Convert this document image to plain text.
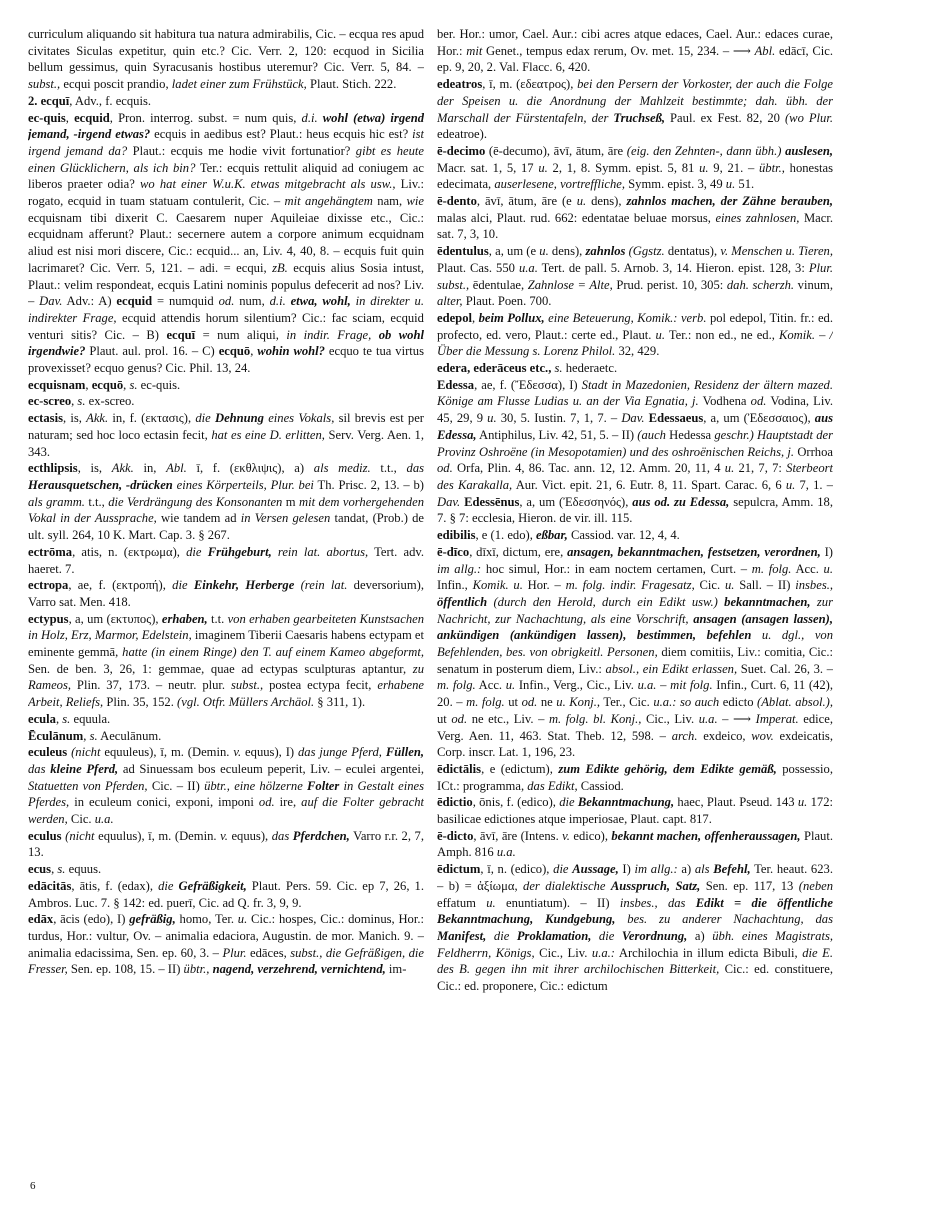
curriculum aliquando sit habitura tua natura admirabilis, Cic. – ecqua res apud civitates Siculas expetitur, quin etc.? Cic. Verr. 2, 120: ecquod in Sicilia bellum gessimus, quin Syracusanis hostibus uteremur? Cic. Verr. 5, 84. – subst., ecqui poscit prandio, ladet einer zum Frühstück, Plaut. Stich. 222.

2. ecquī, Adv., f. ecquis.

ec-quis, ecquid, Pron. interrog. subst. = num quis, d.i. wohl (etwa) irgend jemand, -irgend etwas? ecquis in aedibus est? Plaut.: heus ecquis hic est? ist irgend jemand da? Plaut.: ecquis me hodie vivit fortunatior? gibt es heute einen Glücklichern, als ich bin? Ter.: ecquis rettulit aliquid ad coniugem ac liberos praeter odia? wo hat einer W.u.K. etwas mitgebracht als usw., Liv.: rogato, ecquid in tuam statuam contulerit, Cic. – mit angehängtem nam, wie ecquisnam tibi dixerit C. Caesarem nuper Aquileiae dixisse etc., Cic.: ecquidnam afferunt? Plaut.: secernere autem a corpore animum ecquidnam aliud est nisi mori discere, Cic.: ecquid... an, Liv. 4, 40, 8. – ecquis fuit quin lacrimaret? Cic. Verr. 5, 121. – adi. = ecqui, zB. ecquis alius Sosia intust, Plaut.: velim respondeat, ecquis Latini nominis populus defecerit ad nos? Liv. – Dav. Adv.: A) ecquid = numquid od. num, d.i. etwa, wohl, in direkter u. indirekter Frage, ecquid attendis horum silentium? Cic.: fac sciam, ecquid venturi sitis? Cic. – B) ecquī = num aliqui, in indir. Frage, ob wohl irgendwie? Plaut. aul. prol. 16. – C) ecquō, wohin wohl? ecquo te tua virtus provexisset? ecquo genus? Cic. Phil. 13, 24.

ecquisnam, ecquō, s. ec-quis.

ec-screo, s. ex-screo.

ectasis, is, Akk. in, f. (εκτασις), die Dehnung eines Vokals, sil brevis est per naturam; sed hoc loco ectasin fecit, hat es eine D. erlitten, Serv. Verg. Aen. 1, 343.

ecthlipsis, is, Akk. in, Abl. ī, f. (εκθλιψις), a) als mediz. t.t., das Herausquetschen, -drücken eines Körperteils, Plur. bei Th. Prisc. 2, 13. – b) als gramm. t.t., die Verdrängung des Konsonanten m mit dem vorhergehenden Vokal in der Aussprache, wie tandem ad in Versen gelesen tandat, (Prob.) de ult. syll. 264, 10 K. Mart. Cap. 3. § 267.

ectrōma, atis, n. (εκτρωμα), die Frühgeburt, rein lat. abortus, Tert. adv. haeret. 7.

ectropa, ae, f. (εκτροπή), die Einkehr, Herberge (rein lat. deversorium), Varro sat. Men. 418.

ectypus, a, um (εκτυπος), erhaben, t.t. von erhaben gearbeiteten Kunstsachen in Holz, Erz, Marmor, Edelstein, imaginem Tiberii Caesaris habens ectypam et eminente gemmā, hatte (in einem Ringe) den T. auf einem Kameo abgeformt, Sen. de ben. 3, 26, 1: gemmae, quae ad ectypas sculpturas aptantur, zu Rameos, Plin. 37, 173. – neutr. plur. subst., postea ectypa fecit, erhabene Arbeit, Reliefs, Plin. 35, 152. (vgl. Otfr. Müllers Archäol. § 311, 1).

ecula, s. equula.

Ēculānum, s. Aeculānum.

eculeus (nicht equuleus), ī, m. (Demin. v. equus), I) das junge Pferd, Füllen, das kleine Pferd, ad Sinuessam bos eculeum peperit, Liv. – eculei argentei, Statuetten von Pferden, Cic. – II) übtr., eine hölzerne Folter in Gestalt eines Pferdes, in eculeum conici, exponi, imponi od. ire, auf die Folter gebracht werden, Cic. u.a.

eculus (nicht equulus), ī, m. (Demin. v. equus), das Pferdchen, Varro r.r. 2, 7, 13.

ecus, s. equus.

edācitās, ātis, f. (edax), die Gefräßigkeit, Plaut. Pers. 59. Cic. ep 7, 26, 1. Ambros. Luc. 7. § 142: ed. puerī, Cic. ad Q. fr. 3, 9, 9.

edāx, ācis (edo), I) gefräßig, homo, Ter. u. Cic.: hospes, Cic.: dominus, Hor.: turdus, Hor.: vultur, Ov. – animalia edaciora, Augustin. de mor. Manich. 9. – animalia edacissima, Sen. ep. 60, 3. – Plur. edāces, subst., die Gefräßigen, die Fresser, Sen. ep. 108, 15. – II) übtr., nagend, verzehrend, vernichtend, im-

ber. Hor.: umor, Cael. Aur.: cibi acres atque edaces, Cael. Aur.: edaces curae, Hor.: mit Genet., tempus edax rerum, Ov. met. 15, 234. – ⟶ Abl. edācī, Cic. ep. 9, 20, 2. Val. Flacc. 6, 420.

edeatros, ī, m. (εδεατρος), bei den Persern der Vorkoster, der auch die Folge der Speisen u. die Anordnung der Mahlzeit bestimmte; dah. übh. der Marschall der Fürstentafeln, der Truchseß, Paul. ex Fest. 82, 20 (wo Plur. edeatroe).

ē-decimo (ē-decumo), āvī, ātum, āre (eig. den Zehnten-, dann übh.) auslesen, Macr. sat. 1, 5, 17 u. 2, 1, 8. Symm. epist. 5, 81 u. 9, 21. – übtr., honestas edecimata, auserlesene, vortreffliche, Symm. epist. 3, 49 u. 51.

ē-dento, āvī, ātum, āre (e u. dens), zahnlos machen, der Zähne berauben, malas alci, Plaut. rud. 662: edentatae beluae morsus, eines zahnlosen, Macr. sat. 7, 3, 10.

ēdentulus, a, um (e u. dens), zahnlos (Ggstz. dentatus), v. Menschen u. Tieren, Plaut. Cas. 550 u.a. Tert. de pall. 5. Arnob. 3, 14. Hieron. epist. 128, 3: Plur. subst., ēdentulae, Zahnlose = Alte, Prud. perist. 10, 305: dah. scherzh. vinum, alter, Plaut. Poen. 700.

edepol, beim Pollux, eine Beteuerung, Komik.: verb. pol edepol, Titin. fr.: ed. profecto, ed. vero, Plaut.: certe ed., Plaut. u. Ter.: non ed., ne ed., Komik. – / Über die Messung s. Lorenz Philol. 32, 429.

edera, ederāceus etc., s. hederaetc.

Edessa, ae, f. (Ἔδεσσα), I) Stadt in Mazedonien, Residenz der ältern mazed. Könige am Flusse Ludias u. an der Via Egnatia, j. Vodhena od. Vodina, Liv. 45, 29, 9 u. 30, 5. Iustin. 7, 1, 7. – Dav. Edessaeus, a, um (Ἐδεσσαιος), aus Edessa, Antiphilus, Liv. 42, 51, 5. – II) (auch Hedessa geschr.) Hauptstadt der Provinz Oshroëne (in Mesopotamien) und des oshroënischen Reichs, j. Orrhoa od. Orfa, Plin. 4, 86. Tac. ann. 12, 12. Amm. 20, 11, 4 u. 21, 7, 7: Sterbeort des Karakalla, Aur. Vict. epit. 21, 6. Eutr. 8, 11. Spart. Carac. 6, 6 u. 7, 1. – Dav. Edessēnus, a, um (Ἐδεσσηνός), aus od. zu Edessa, sepulcra, Amm. 18, 7. § 7: ecclesia, Hieron. de vir. ill. 115.

edibilis, e (1. edo), eßbar, Cassiod. var. 12, 4, 4.

ē-dīco, dīxī, dictum, ere, ansagen, bekanntmachen, festsetzen, verordnen, I) im allg.: hoc simul, Hor.: in eam noctem certamen, Curt. – m. folg. Acc. u. Infin., Komik. u. Hor. – m. folg. indir. Fragesatz, Cic. u. Sall. – II) insbes., öffentlich (durch den Herold, durch ein Edikt usw.) bekanntmachen, zur Nachricht, zur Nachachtung, als eine Vorschrift, ansagen (ansagen lassen), ankündigen (ankündigen lassen), bestimmen, befehlen u. dgl., von Befehlenden, bes. von obrigkeitl. Personen, diem comitiis, Liv.: comitia, Cic.: senatum in posterum diem, Liv.: absol., ein Edikt erlassen, Suet. Cal. 26, 3. – m. folg. Acc. u. Infin., Verg., Cic., Liv. u.a. – mit folg. Infin., Curt. 6, 11 (42), 20. – m. folg. ut od. ne u. Konj., Ter., Cic. u.a.: so auch edicto (Ablat. absol.), ut od. ne etc., Liv. – m. folg. bl. Konj., Cic., Liv. u.a. – ⟶ Imperat. edice, Verg. Aen. 11, 463. Stat. Theb. 12, 598. – arch. exdeico, wov. exdeicatis, Corp. inscr. Lat. 1, 196, 23.

ēdictālis, e (edictum), zum Edikte gehörig, dem Edikte gemäß, possessio, ICt.: programma, das Edikt, Cassiod.

ēdictio, ōnis, f. (edico), die Bekanntmachung, haec, Plaut. Pseud. 143 u. 172: basilicae edictiones atque imperiosae, Plaut. capt. 817.

ē-dicto, āvī, āre (Intens. v. edico), bekannt machen, offenheraussagen, Plaut. Amph. 816 u.a.

ēdictum, ī, n. (edico), die Aussage, I) im allg.: a) als Befehl, Ter. heaut. 623. – b) = ἀξίωμα, der dialektische Ausspruch, Satz, Sen. ep. 117, 13 (neben effatum u. enuntiatum). – II) insbes., das Edikt = die öffentliche Bekanntmachung, Kundgebung, bes. zu anderer Nachachtung, das Manifest, die Proklamation, die Verordnung, a) übh. eines Magistrats, Feldherrn, Königs, Cic., Liv. u.a.: Archilochia in illum edicta Bibuli, die E. des B. gegen ihn mit ihrer archilochischen Bitterkeit, Cic.: ed. constituere, Cic.: ed. proponere, Cic.: edictum

6
